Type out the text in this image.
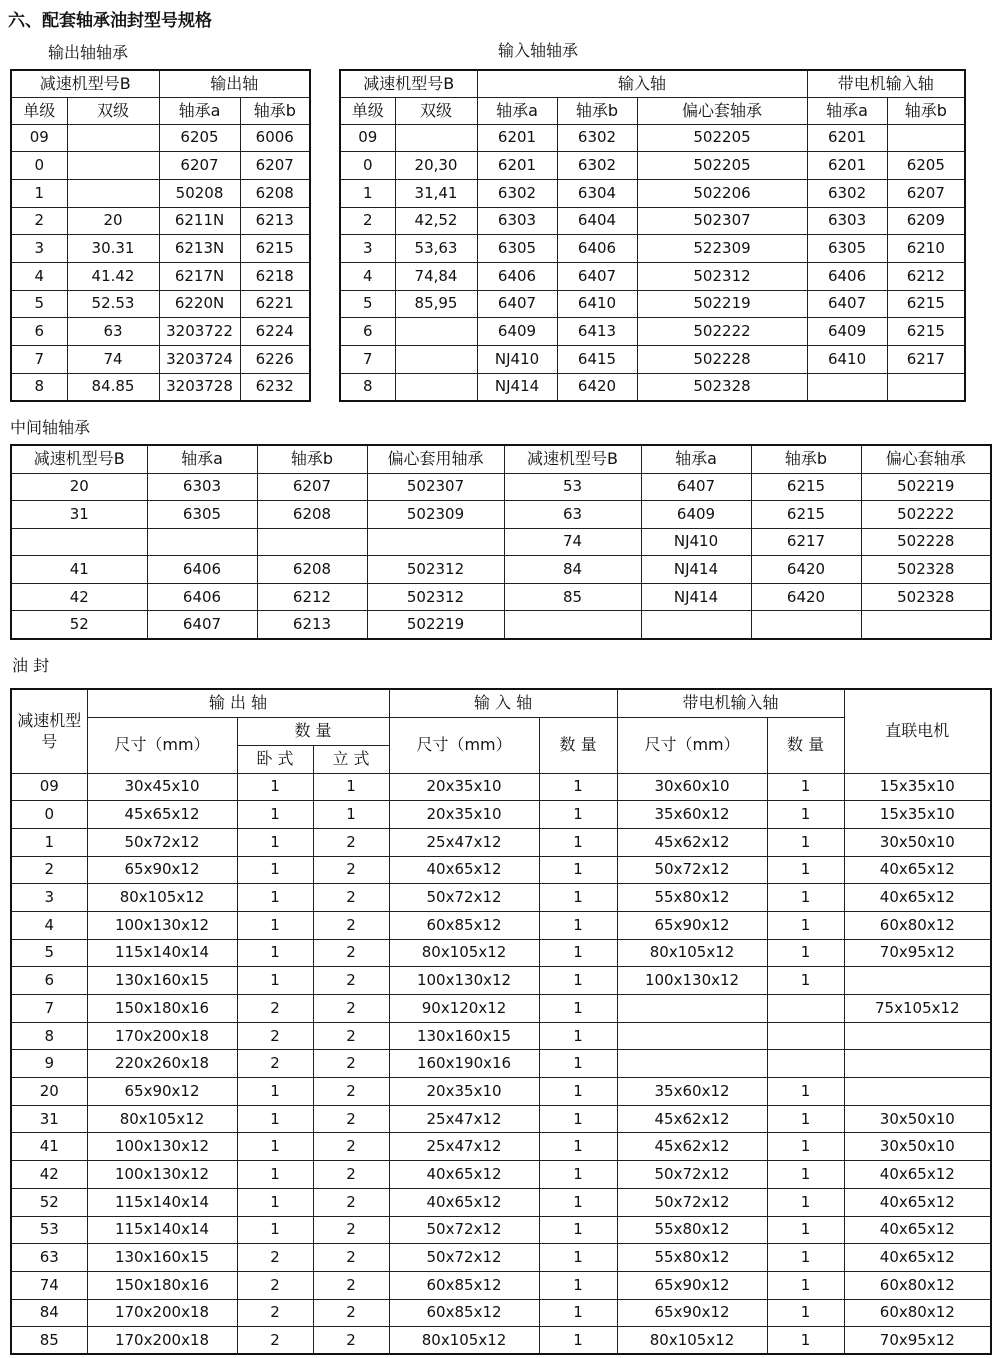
六、配套轴承油封型号规格
输出轴轴承	输入轴轴承
减速机型号B		输出轴	
单级	双级	轴承a	轴承b
09		6205	6006
0		6207	6207
1		50208	6208
2	20	6211N	6213
3	30.31	6213N	6215
4	41.42	6217N	6218
5	52.53	6220N	6221
6	63	3203722	6224
7	74	3203724	6226
8	84.85	3203728	6232
减速机型号B		输入轴			带电机输入轴	
单级	双级	轴承a	轴承b	偏心套轴承	轴承a	轴承b
09		6201	6302	502205	6201	
0	20,30	6201	6302	502205	6201	6205
1	31,41	6302	6304	502206	6302	6207
2	42,52	6303	6404	502307	6303	6209
3	53,63	6305	6406	522309	6305	6210
4	74,84	6406	6407	502312	6406	6212
5	85,95	6407	6410	502219	6407	6215
6		6409	6413	502222	6409	6215
7		NJ410	6415	502228	6410	6217
8		NJ414	6420	502328		
中间轴轴承
减速机型号B	轴承a	轴承b	偏心套用轴承	减速机型号B	轴承a	轴承b	偏心套轴承
20	6303	6207	502307	53	6407	6215	502219
31	6305	6208	502309	63	6409	6215	502222
				74	NJ410	6217	502228
41	6406	6208	502312	84	NJ414	6420	502328
42	6406	6212	502312	85	NJ414	6420	502328
52	6407	6213	502219				
油 封
减速机型号	输 出 轴			输 入 轴		带电机输入轴		直联电机
	尺寸（mm）	数 量		尺寸（mm）	数 量	尺寸（mm）	数 量	
		卧 式	立 式					
09	30x45x10	1	1	20x35x10	1	30x60x10	1	15x35x10
0	45x65x12	1	1	20x35x10	1	35x60x12	1	15x35x10
1	50x72x12	1	2	25x47x12	1	45x62x12	1	30x50x10
2	65x90x12	1	2	40x65x12	1	50x72x12	1	40x65x12
3	80x105x12	1	2	50x72x12	1	55x80x12	1	40x65x12
4	100x130x12	1	2	60x85x12	1	65x90x12	1	60x80x12
5	115x140x14	1	2	80x105x12	1	80x105x12	1	70x95x12
6	130x160x15	1	2	100x130x12	1	100x130x12	1	
7	150x180x16	2	2	90x120x12	1			75x105x12
8	170x200x18	2	2	130x160x15	1			
9	220x260x18	2	2	160x190x16	1			
20	65x90x12	1	2	20x35x10	1	35x60x12	1	
31	80x105x12	1	2	25x47x12	1	45x62x12	1	30x50x10
41	100x130x12	1	2	25x47x12	1	45x62x12	1	30x50x10
42	100x130x12	1	2	40x65x12	1	50x72x12	1	40x65x12
52	115x140x14	1	2	40x65x12	1	50x72x12	1	40x65x12
53	115x140x14	1	2	50x72x12	1	55x80x12	1	40x65x12
63	130x160x15	2	2	50x72x12	1	55x80x12	1	40x65x12
74	150x180x16	2	2	60x85x12	1	65x90x12	1	60x80x12
84	170x200x18	2	2	60x85x12	1	65x90x12	1	60x80x12
85	170x200x18	2	2	80x105x12	1	80x105x12	1	70x95x12
